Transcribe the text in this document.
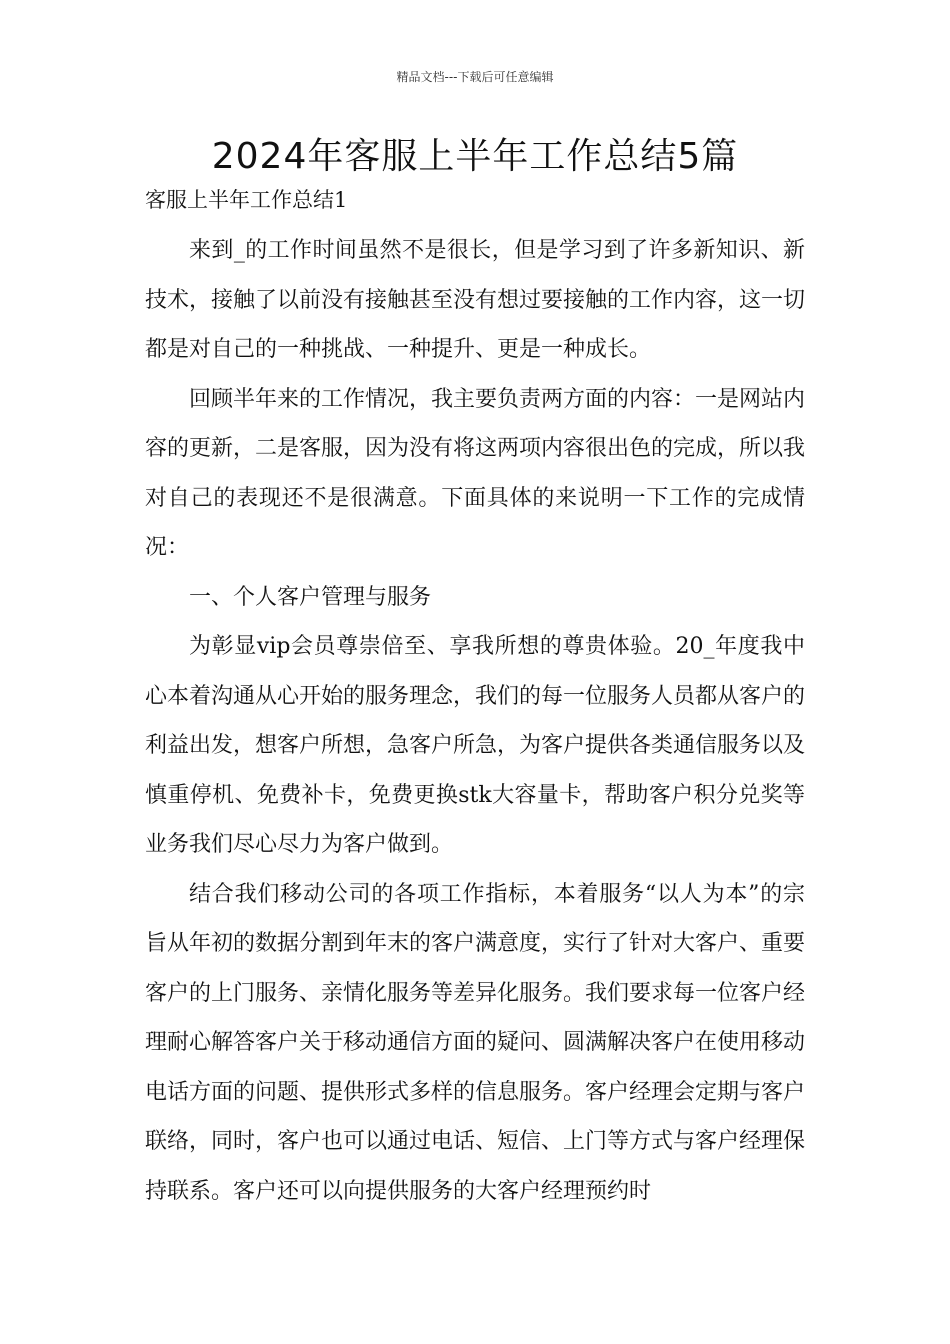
精品文档---下载后可任意编辑
2024年客服上半年工作总结5篇
客服上半年工作总结1

来到_的工作时间虽然不是很长，但是学习到了许多新知识、新技术，接触了以前没有接触甚至没有想过要接触的工作内容，这一切都是对自己的一种挑战、一种提升、更是一种成长。

回顾半年来的工作情况，我主要负责两方面的内容：一是网站内容的更新，二是客服，因为没有将这两项内容很出色的完成，所以我对自己的表现还不是很满意。下面具体的来说明一下工作的完成情况：

一、个人客户管理与服务

为彰显vip会员尊崇倍至、享我所想的尊贵体验。20_年度我中心本着沟通从心开始的服务理念，我们的每一位服务人员都从客户的利益出发，想客户所想，急客户所急，为客户提供各类通信服务以及慎重停机、免费补卡，免费更换stk大容量卡，帮助客户积分兑奖等业务我们尽心尽力为客户做到。

结合我们移动公司的各项工作指标，本着服务“以人为本”的宗旨从年初的数据分割到年末的客户满意度，实行了针对大客户、重要客户的上门服务、亲情化服务等差异化服务。我们要求每一位客户经理耐心解答客户关于移动通信方面的疑问、圆满解决客户在使用移动电话方面的问题、提供形式多样的信息服务。客户经理会定期与客户联络，同时，客户也可以通过电话、短信、上门等方式与客户经理保持联系。客户还可以向提供服务的大客户经理预约时
